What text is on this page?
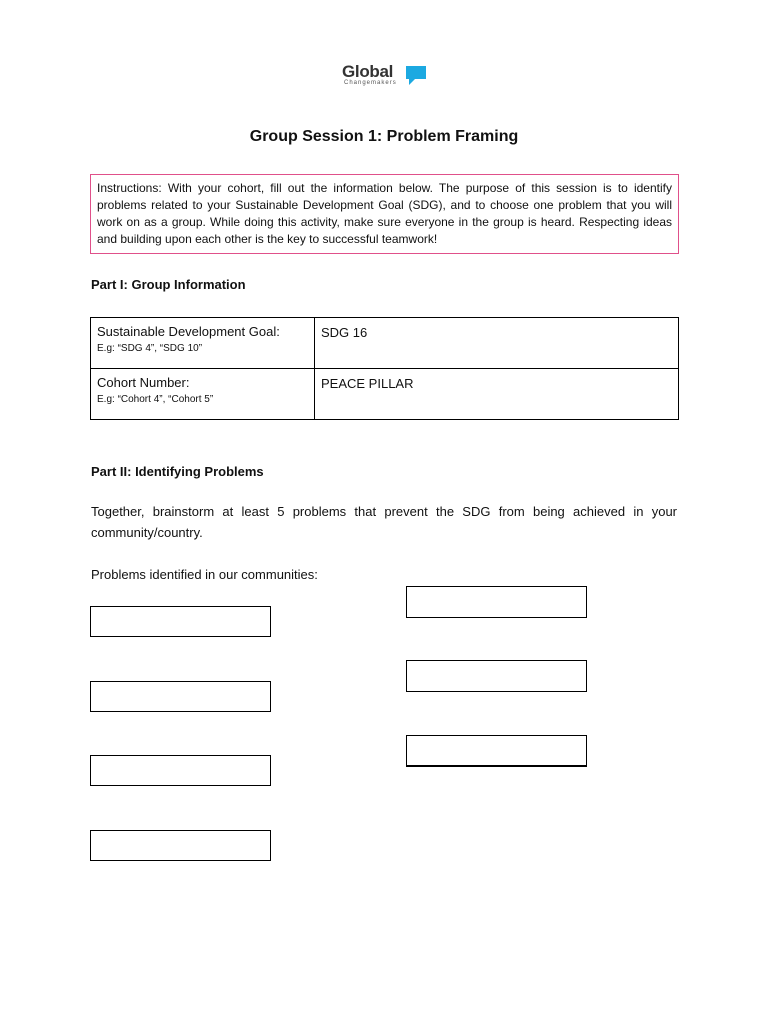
Global
Changemakers
Group Session 1: Problem Framing
Instructions: With your cohort, fill out the information below. The purpose of this session is to identify problems related to your Sustainable Development Goal (SDG), and to choose one problem that you will work on as a group. While doing this activity, make sure everyone in the group is heard. Respecting ideas and building upon each other is the key to successful teamwork!
Part I: Group Information
Sustainable Development Goal:
E.g: “SDG 4”, “SDG 10”	SDG 16

Cohort Number:
E.g: “Cohort 4”, “Cohort 5”	PEACE PILLAR
Part II: Identifying Problems
Together, brainstorm at least 5 problems that prevent the SDG from being achieved in your community/country.
Problems identified in our communities:
